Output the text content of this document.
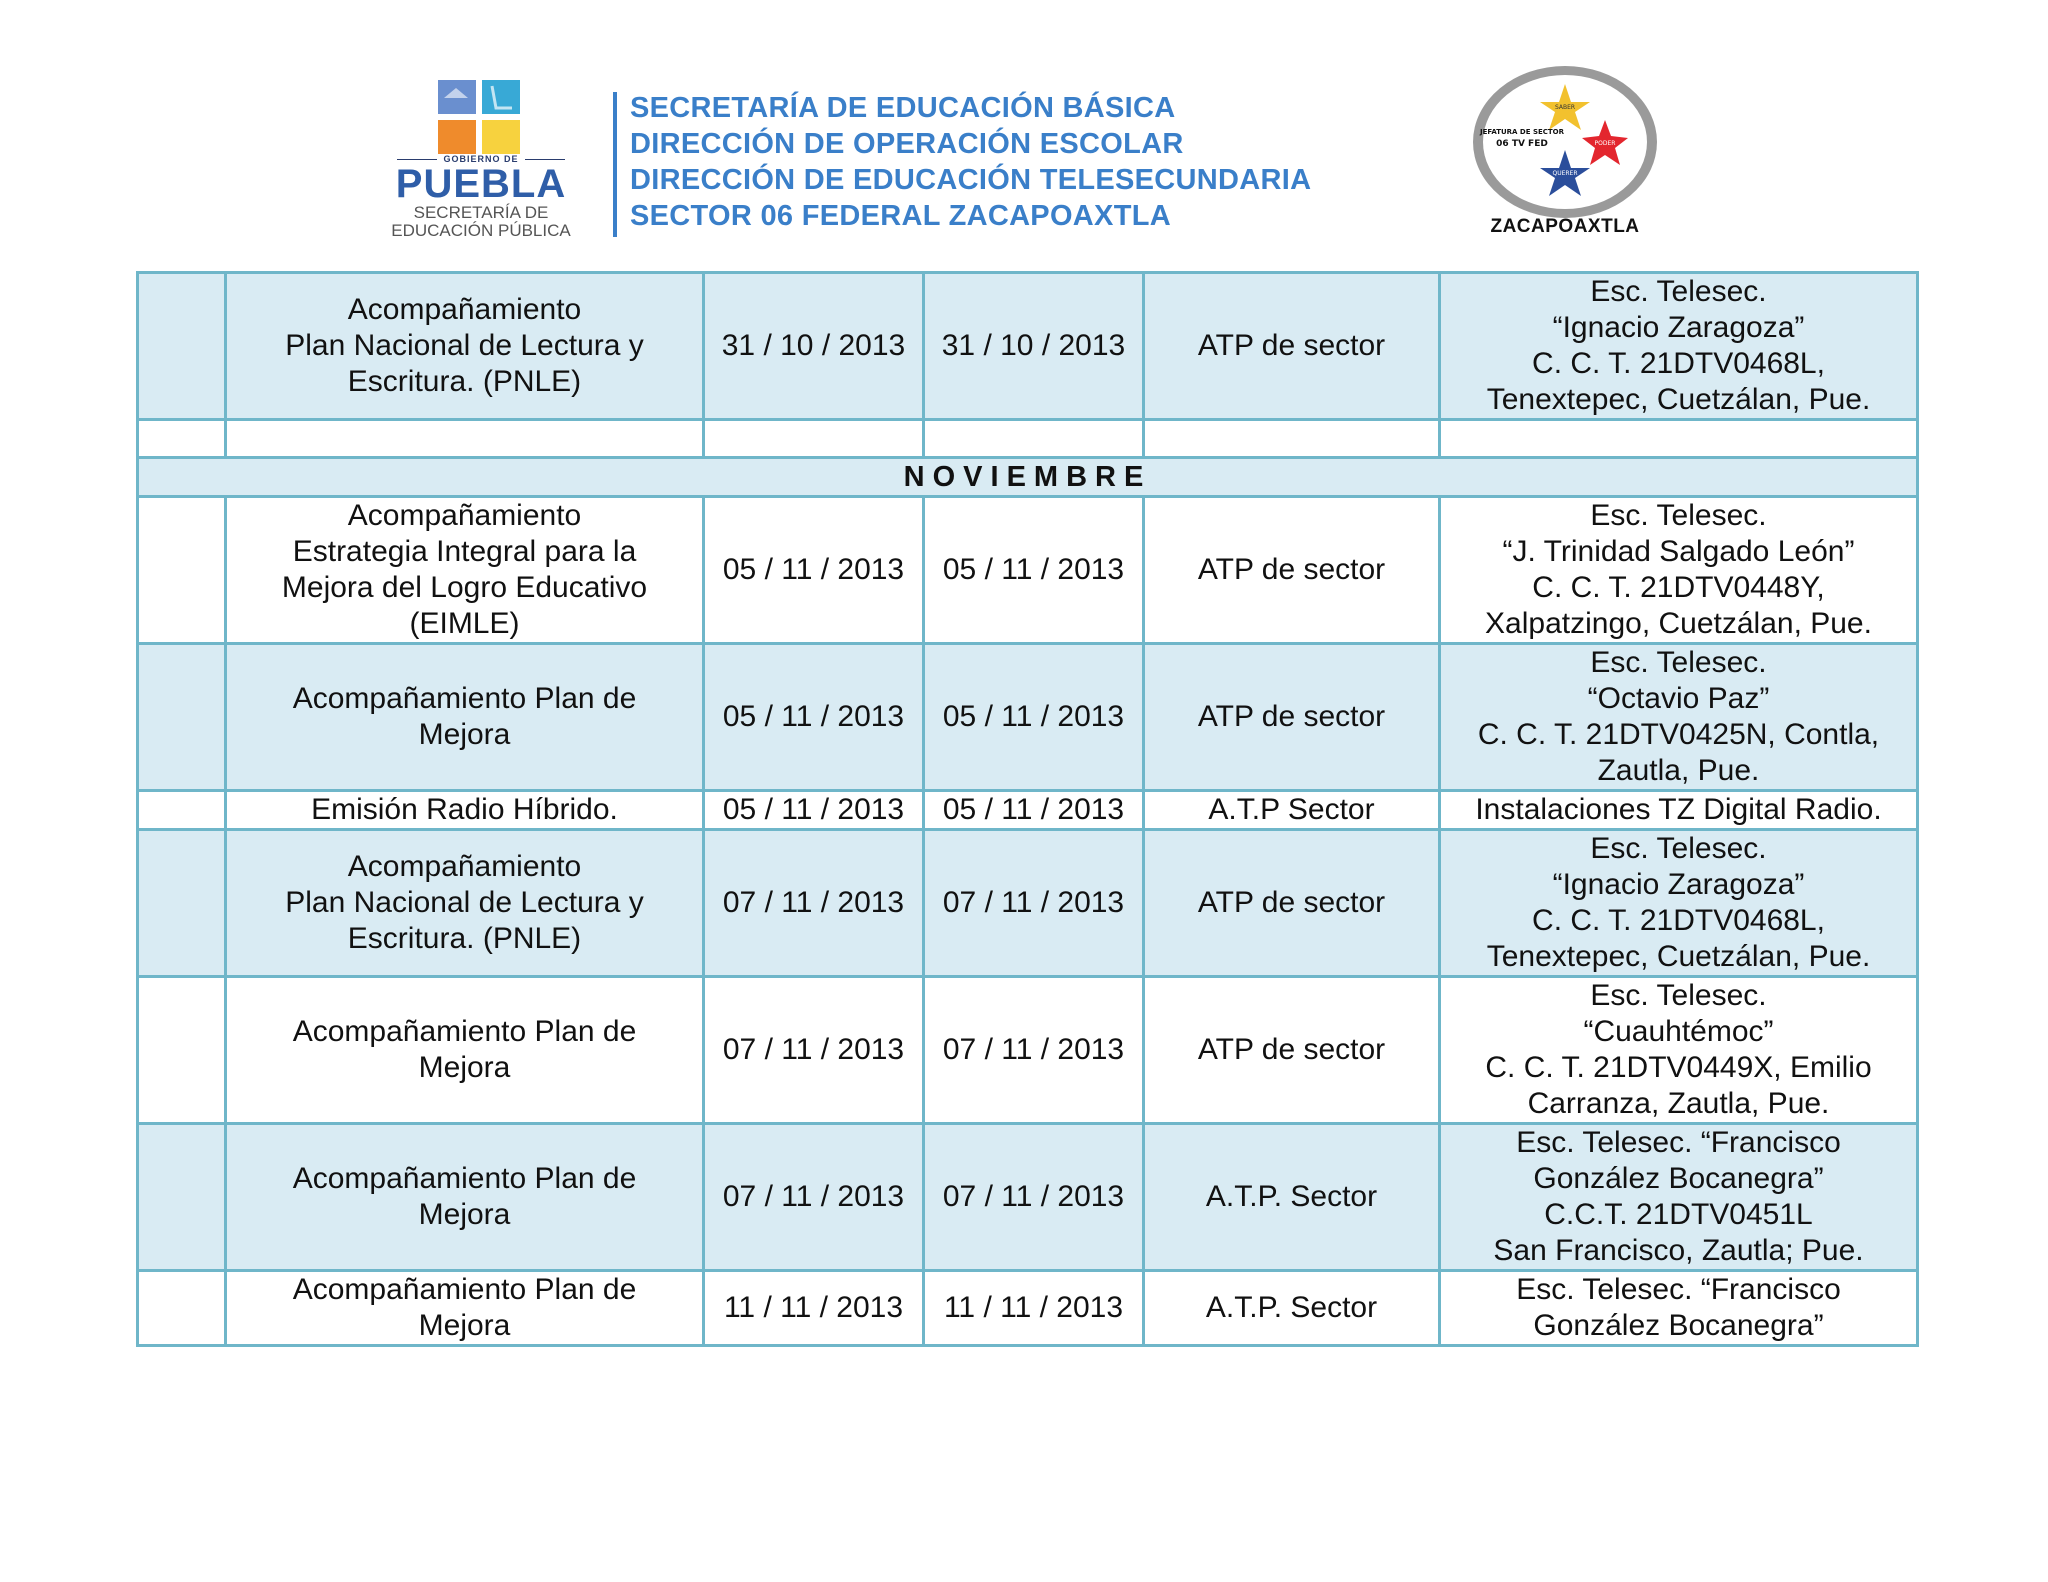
GOBIERNO DE
PUEBLA
SECRETARÍA DE
EDUCACIÓN PÚBLICA
SECRETARÍA DE EDUCACIÓN BÁSICA
DIRECCIÓN DE OPERACIÓN ESCOLAR
DIRECCIÓN DE EDUCACIÓN TELESECUNDARIA
SECTOR 06 FEDERAL ZACAPOAXTLA
SABER
PODER
QUERER
JEFATURA DE SECTOR
06 TV FED
ZACAPOAXTLA
	Acompañamiento
Plan Nacional de Lectura y
Escritura. (PNLE)	31 / 10 / 2013	31 / 10 / 2013	ATP de sector	Esc. Telesec.
“Ignacio Zaragoza”
C. C. T. 21DTV0468L,
Tenextepec, Cuetzálan, Pue.

NOVIEMBRE					
	Acompañamiento
Estrategia Integral para la
Mejora del Logro Educativo
(EIMLE)	05 / 11 / 2013	05 / 11 / 2013	ATP de sector	Esc. Telesec.
“J. Trinidad Salgado León”
C. C. T. 21DTV0448Y,
Xalpatzingo, Cuetzálan, Pue.
	Acompañamiento Plan de
Mejora	05 / 11 / 2013	05 / 11 / 2013	ATP de sector	Esc. Telesec.
“Octavio Paz”
C. C. T. 21DTV0425N, Contla,
Zautla, Pue.
	Emisión Radio Híbrido.	05 / 11 / 2013	05 / 11 / 2013	A.T.P Sector	Instalaciones TZ Digital Radio.
	Acompañamiento
Plan Nacional de Lectura y
Escritura. (PNLE)	07 / 11 / 2013	07 / 11 / 2013	ATP de sector	Esc. Telesec.
“Ignacio Zaragoza”
C. C. T. 21DTV0468L,
Tenextepec, Cuetzálan, Pue.
	Acompañamiento Plan de
Mejora	07 / 11 / 2013	07 / 11 / 2013	ATP de sector	Esc. Telesec.
“Cuauhtémoc”
C. C. T. 21DTV0449X, Emilio
Carranza, Zautla, Pue.
	Acompañamiento Plan de
Mejora	07 / 11 / 2013	07 / 11 / 2013	A.T.P. Sector	Esc. Telesec. “Francisco
González Bocanegra”
C.C.T. 21DTV0451L
San Francisco, Zautla; Pue.
	Acompañamiento Plan de
Mejora	11 / 11 / 2013	11 / 11 / 2013	A.T.P. Sector	Esc. Telesec. “Francisco
González Bocanegra”
